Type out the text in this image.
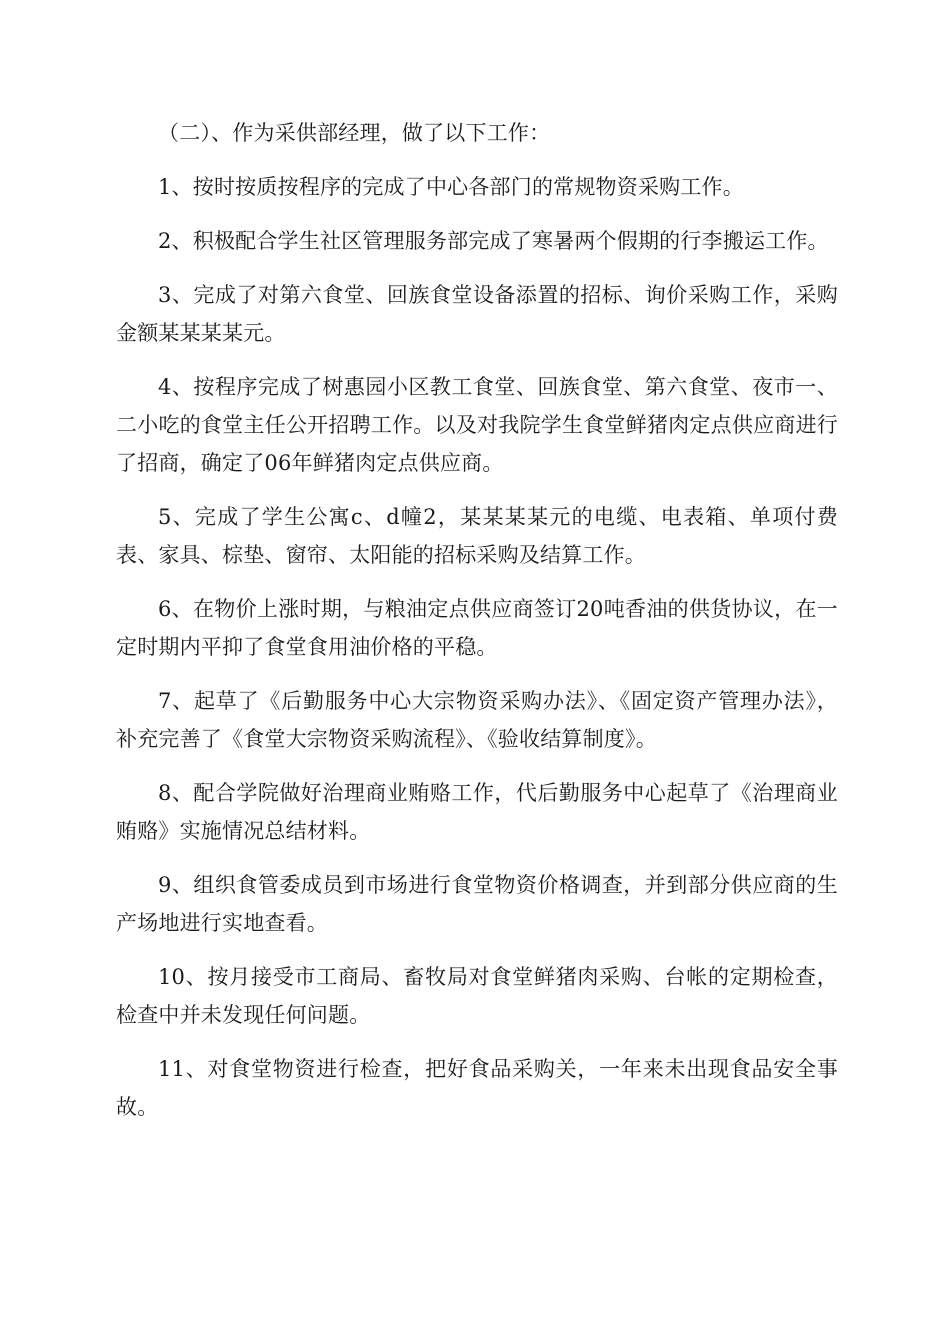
（二）、作为采供部经理，做了以下工作：

1、按时按质按程序的完成了中心各部门的常规物资采购工作。

2、积极配合学生社区管理服务部完成了寒暑两个假期的行李搬运工作。

3、完成了对第六食堂、回族食堂设备添置的招标、询价采购工作，采购金额某某某某元。

4、按程序完成了树惠园小区教工食堂、回族食堂、第六食堂、夜市一、二小吃的食堂主任公开招聘工作。以及对我院学生食堂鲜猪肉定点供应商进行了招商，确定了06年鲜猪肉定点供应商。

5、完成了学生公寓c、d幢2，某某某某元的电缆、电表箱、单项付费表、家具、棕垫、窗帘、太阳能的招标采购及结算工作。

6、在物价上涨时期，与粮油定点供应商签订20吨香油的供货协议，在一定时期内平抑了食堂食用油价格的平稳。

7、起草了《后勤服务中心大宗物资采购办法》、《固定资产管理办法》，补充完善了《食堂大宗物资采购流程》、《验收结算制度》。

8、配合学院做好治理商业贿赂工作，代后勤服务中心起草了《治理商业贿赂》实施情况总结材料。

9、组织食管委成员到市场进行食堂物资价格调查，并到部分供应商的生产场地进行实地查看。

10、按月接受市工商局、畜牧局对食堂鲜猪肉采购、台帐的定期检查，检查中并未发现任何问题。

11、对食堂物资进行检查，把好食品采购关，一年来未出现食品安全事故。
